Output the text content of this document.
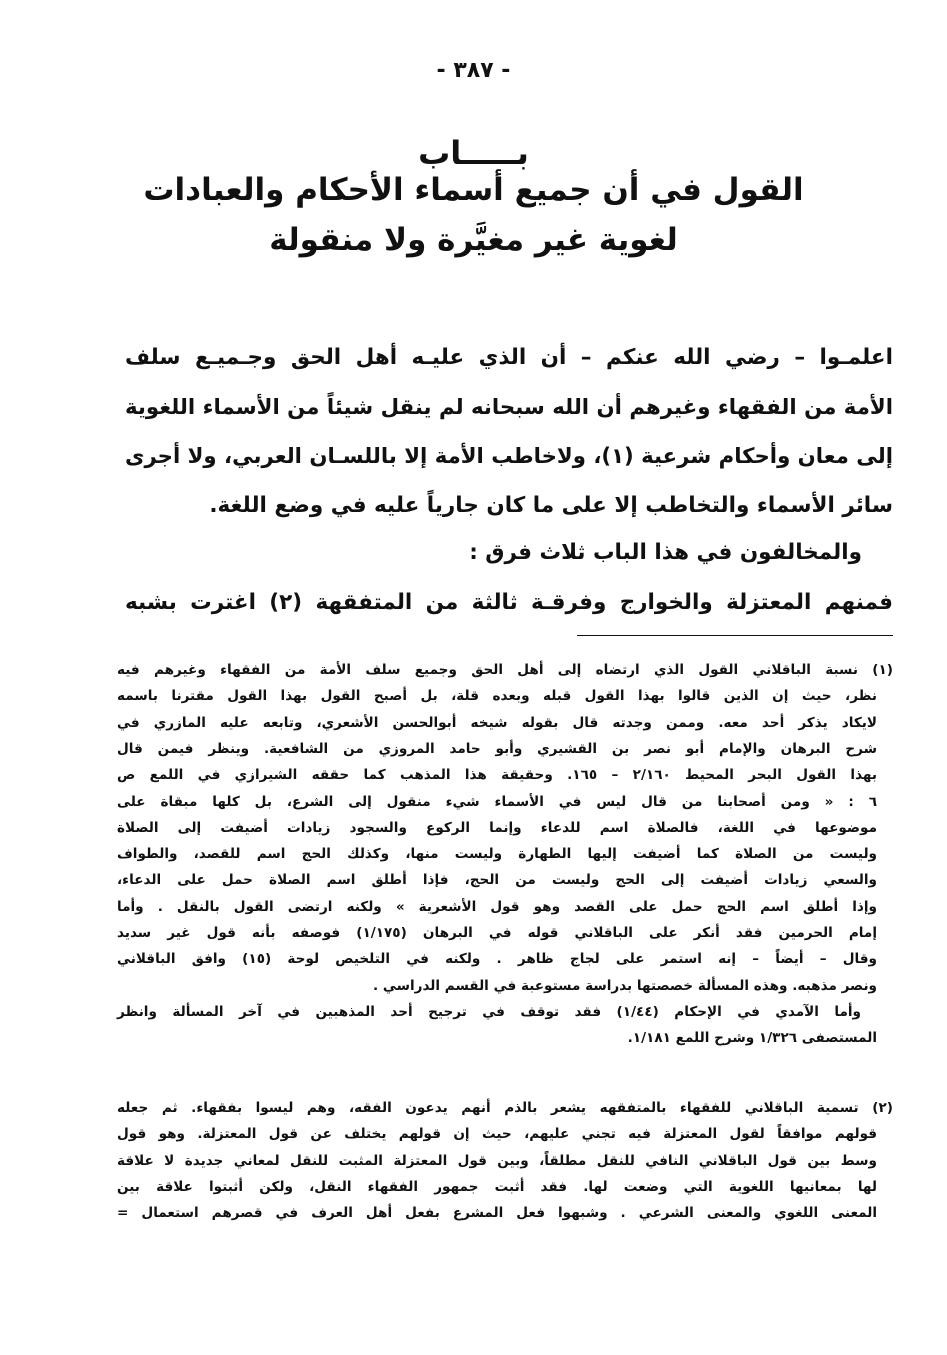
- ٣٨٧ -
بـــــاب
القول في أن جميع أسماء الأحكام والعبادات
لغوية غير مغيَّرة ولا منقولة
اعلمـوا – رضي الله عنكم – أن الذي عليـه أهل الحق وجـميـع سلف
الأمة من الفقهاء وغيرهم أن الله سبحانه لم ينقل شيئاً من الأسماء اللغوية
إلى معان وأحكام شرعية (١)، ولاخاطب الأمة إلا باللسـان العربي، ولا أجرى
سائر الأسماء والتخاطب إلا على ما كان جارياً عليه في وضع اللغة.
والمخالفون في هذا الباب ثلاث فرق :
فمنهم المعتزلة والخوارج وفرقـة ثالثة من المتفقهة (٢) اغترت بشبه
(١) نسبة الباقلاني القول الذي ارتضاه إلى أهل الحق وجميع سلف الأمة من الفقهاء وغيرهم فيه
نظر، حيث إن الذين قالوا بهذا القول قبله وبعده قلة، بل أصبح القول بهذا القول مقترنا باسمه
لايكاد يذكر أحد معه. وممن وجدته قال بقوله شيخه أبوالحسن الأشعري، وتابعه عليه المازري في
شرح البرهان والإمام أبو نصر بن القشيري وأبو حامد المروزي من الشافعية. وينظر فيمن قال
بهذا القول البحر المحيط ٢/١٦٠ – ١٦٥. وحقيقة هذا المذهب كما حققه الشيرازي في اللمع ص
٦ : « ومن أصحابنا من قال ليس في الأسماء شيء منقول إلى الشرع، بل كلها مبقاة على
موضوعها في اللغة، فالصلاة اسم للدعاء وإنما الركوع والسجود زيادات أضيفت إلى الصلاة
وليست من الصلاة كما أضيفت إليها الطهارة وليست منها، وكذلك الحج اسم للقصد، والطواف
والسعي زيادات أضيفت إلى الحج وليست من الحج، فإذا أطلق اسم الصلاة حمل على الدعاء،
وإذا أطلق اسم الحج حمل على القصد وهو قول الأشعرية » ولكنه ارتضى القول بالنقل . وأما
إمام الحرمين فقد أنكر على الباقلاني قوله في البرهان (١/١٧٥) فوصفه بأنه قول غير سديد
وقال – أيضاً – إنه استمر على لجاج ظاهر . ولكنه في التلخيص لوحة (١٥) وافق الباقلاني
ونصر مذهبه. وهذه المسألة خصصتها بدراسة مستوعبة في القسم الدراسي .
وأما الآمدي في الإحكام (١/٤٤) فقد توقف في ترجيح أحد المذهبين في آخر المسألة وانظر
المستصفى ١/٣٢٦ وشرح اللمع ١/١٨١.
(٢) تسمية الباقلاني للفقهاء بالمتفقهه يشعر بالذم أنهم يدعون الفقه، وهم ليسوا بفقهاء. ثم جعله
قولهم موافقاً لقول المعتزلة فيه تجني عليهم، حيث إن قولهم يختلف عن قول المعتزلة. وهو قول
وسط بين قول الباقلاني النافي للنقل مطلقاً، وبين قول المعتزلة المثبت للنقل لمعاني جديدة لا علاقة
لها بمعانيها اللغوية التي وضعت لها. فقد أثبت جمهور الفقهاء النقل، ولكن أثبتوا علاقة بين
المعنى اللغوي والمعنى الشرعي . وشبهوا فعل المشرع بفعل أهل العرف في قصرهم استعمال =
